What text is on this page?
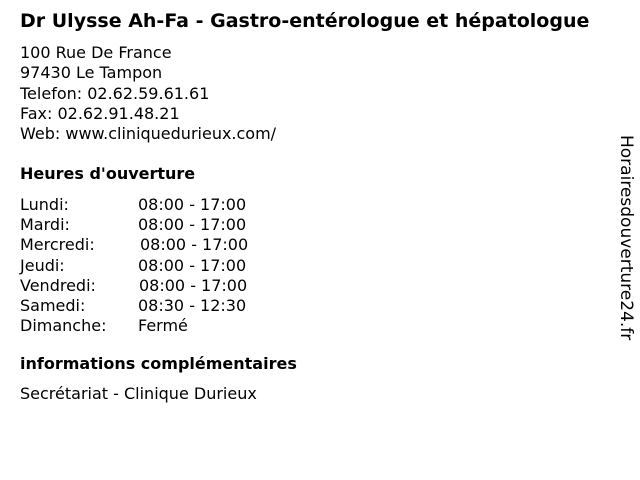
Dr Ulysse Ah-Fa - Gastro-entérologue et hépatologue
100 Rue De France
97430 Le Tampon
Telefon: 02.62.59.61.61
Fax: 02.62.91.48.21
Web: www.cliniquedurieux.com/
Heures d'ouverture
Lundi:	08:00 - 17:00
Mardi:	08:00 - 17:00
Mercredi:	08:00 - 17:00
Jeudi:	08:00 - 17:00
Vendredi:	08:00 - 17:00
Samedi:	08:30 - 12:30
Dimanche: Fermé
informations complémentaires
Secrétariat - Clinique Durieux
Horairesdouverture24.fr
